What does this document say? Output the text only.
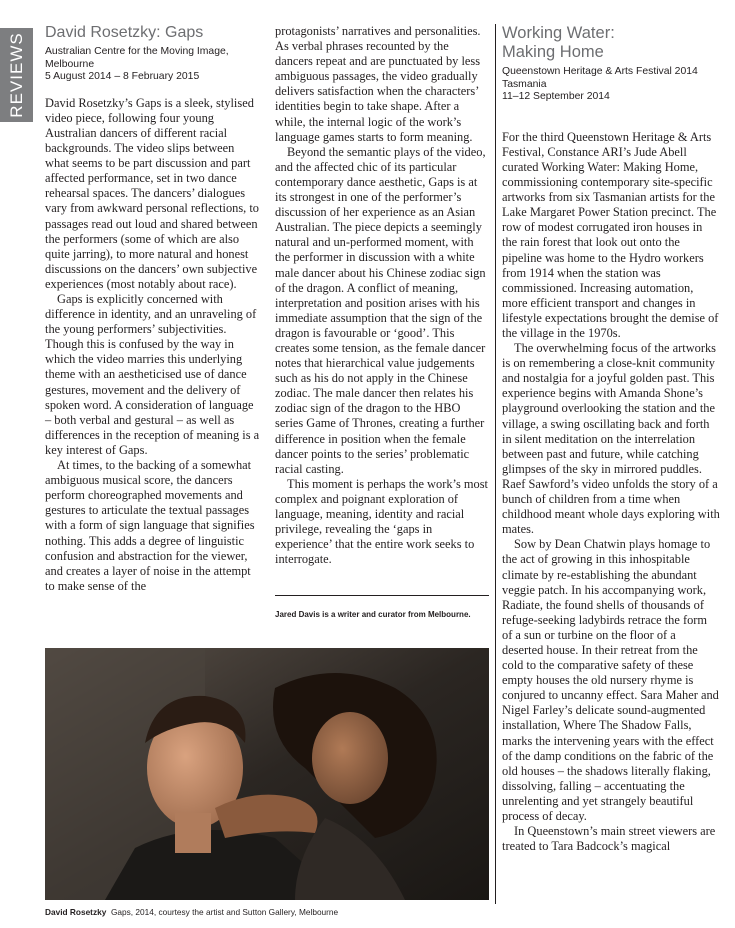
REVIEWS David Rosetzky: Gaps
Australian Centre for the Moving Image,
Melbourne
5 August 2014 – 8 February 2015

David Rosetzky’s Gaps is a sleek, stylised video piece, following four young Australian dancers of different racial backgrounds. The video slips between what seems to be part discussion and part affected performance, set in two dance rehearsal spaces. The dancers’ dialogues vary from awkward personal reflections, to passages read out loud and shared between the performers (some of which are also quite jarring), to more natural and honest discussions on the dancers’ own subjective experiences (most notably about race).

Gaps is explicitly concerned with difference in identity, and an unraveling of the young performers’ subjectivities. Though this is confused by the way in which the video marries this underlying theme with an aestheticised use of dance gestures, movement and the delivery of spoken word. A consideration of language – both verbal and gestural – as well as differences in the reception of meaning is a key interest of Gaps.

At times, to the backing of a somewhat ambiguous musical score, the dancers perform choreographed movements and gestures to articulate the textual passages with a form of sign language that signifies nothing. This adds a degree of linguistic confusion and abstraction for the viewer, and creates a layer of noise in the attempt to make sense of the

protagonists’ narratives and personalities. As verbal phrases recounted by the dancers repeat and are punctuated by less ambiguous passages, the video gradually delivers satisfaction when the characters’ identities begin to take shape. After a while, the internal logic of the work’s language games starts to form meaning.

Beyond the semantic plays of the video, and the affected chic of its particular contemporary dance aesthetic, Gaps is at its strongest in one of the performer’s discussion of her experience as an Asian Australian. The piece depicts a seemingly natural and un-performed moment, with the performer in discussion with a white male dancer about his Chinese zodiac sign of the dragon. A conflict of meaning, interpretation and position arises with his immediate assumption that the sign of the dragon is favourable or ‘good’. This creates some tension, as the female dancer notes that hierarchical value judgements such as his do not apply in the Chinese zodiac. The male dancer then relates his zodiac sign of the dragon to the HBO series Game of Thrones, creating a further difference in position when the female dancer points to the series’ problematic racial casting.

This moment is perhaps the work’s most complex and poignant exploration of language, meaning, identity and racial privilege, revealing the ‘gaps in experience’ that the entire work seeks to interrogate.

Jared Davis is a writer and curator from Melbourne.
David Rosetzky Gaps, 2014, courtesy the artist and Sutton Gallery, Melbourne
Working Water:
Making Home
Queenstown Heritage & Arts Festival 2014
Tasmania
11–12 September 2014

For the third Queenstown Heritage & Arts Festival, Constance ARI’s Jude Abell curated Working Water: Making Home, commissioning contemporary site-specific artworks from six Tasmanian artists for the Lake Margaret Power Station precinct. The row of modest corrugated iron houses in the rain forest that look out onto the pipeline was home to the Hydro workers from 1914 when the station was commissioned. Increasing automation, more efficient transport and changes in lifestyle expectations brought the demise of the village in the 1970s.

The overwhelming focus of the artworks is on remembering a close-knit community and nostalgia for a joyful golden past. This experience begins with Amanda Shone’s playground overlooking the station and the village, a swing oscillating back and forth in silent meditation on the interrelation between past and future, while catching glimpses of the sky in mirrored puddles. Raef Sawford’s video unfolds the story of a bunch of children from a time when childhood meant whole days exploring with mates.

Sow by Dean Chatwin plays homage to the act of growing in this inhospitable climate by re-establishing the abundant veggie patch. In his accompanying work, Radiate, the found shells of thousands of refuge-seeking ladybirds retrace the form of a sun or turbine on the floor of a deserted house. In their retreat from the cold to the comparative safety of these empty houses the old nursery rhyme is conjured to uncanny effect. Sara Maher and Nigel Farley’s delicate sound-augmented installation, Where The Shadow Falls, marks the intervening years with the effect of the damp conditions on the fabric of the old houses – the shadows literally flaking, dissolving, falling – accentuating the unrelenting and yet strangely beautiful process of decay.

In Queenstown’s main street viewers are treated to Tara Badcock’s magical
